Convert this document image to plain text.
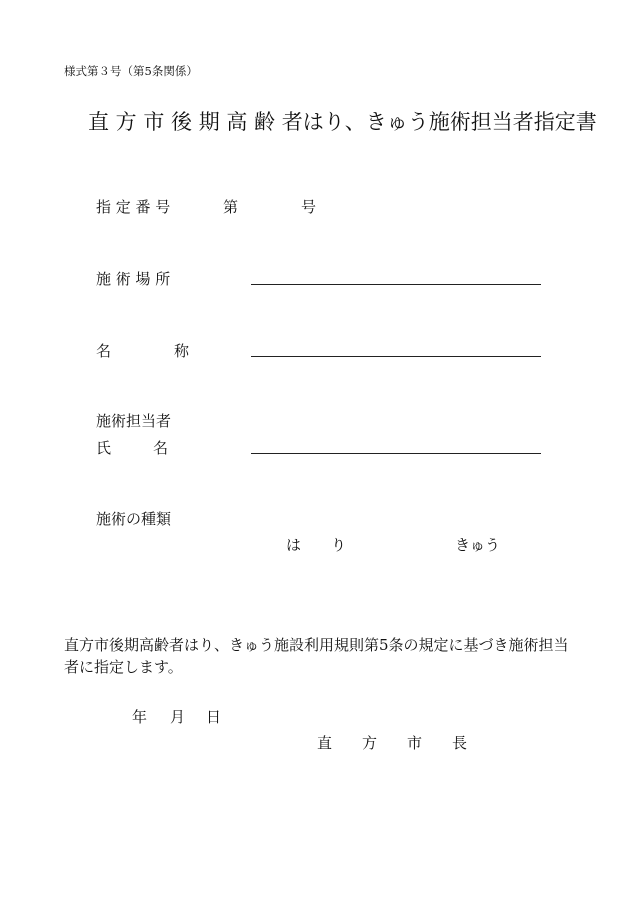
様式第３号（第5条関係）
直 方 市 後 期 高 齢 者はり、きゅう施術担当者指定書
指 定 番 号	第	号
施 術 場 所
名	称
施術担当者
氏	名
施術の種類
は　　り	きゅう
直方市後期高齢者はり、きゅう施設利用規則第5条の規定に基づき施術担当者に指定します。
年 月 日
直　　方　　市　　長
